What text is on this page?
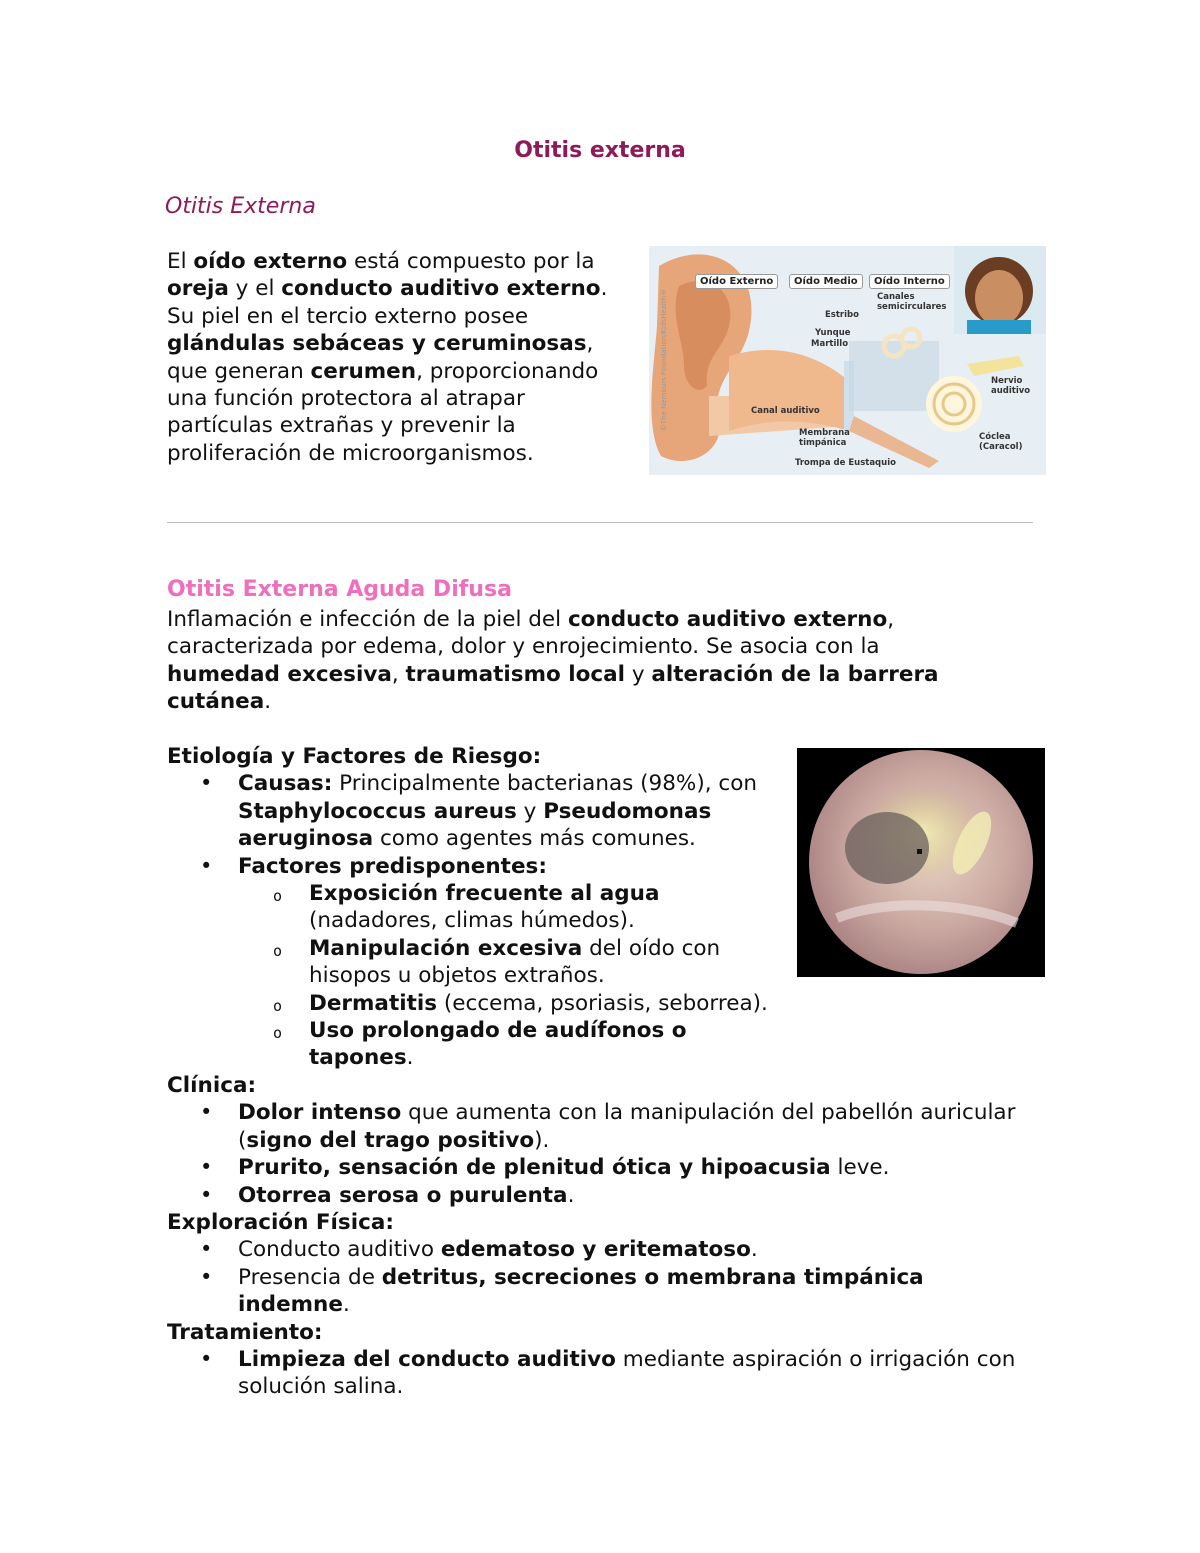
Otitis externa
Otitis Externa

El oído externo está compuesto por la oreja y el conducto auditivo externo. Su piel en el tercio externo posee glándulas sebáceas y ceruminosas, que generan cerumen, proporcionando una función protectora al atrapar partículas extrañas y prevenir la proliferación de microorganismos.

©The Nemours Foundation/KidsHealth®
Oído Externo	Oído Medio	Oído Interno
Canales semicirculares
Estribo
Yunque
Martillo
Nervio auditivo
Canal auditivo
Membrana timpánica
Cóclea (Caracol)
Trompa de Eustaquio
Otitis Externa Aguda Difusa

Inflamación e infección de la piel del conducto auditivo externo, caracterizada por edema, dolor y enrojecimiento. Se asocia con la humedad excesiva, traumatismo local y alteración de la barrera cutánea.

Etiología y Factores de Riesgo:

• Causas: Principalmente bacterianas (98%), con Staphylococcus aureus y Pseudomonas aeruginosa como agentes más comunes.
• Factores predisponentes:
o Exposición frecuente al agua (nadadores, climas húmedos).
o Manipulación excesiva del oído con hisopos u objetos extraños.
o Dermatitis (eccema, psoriasis, seborrea).
o Uso prolongado de audífonos o tapones.

Clínica:

• Dolor intenso que aumenta con la manipulación del pabellón auricular (signo del trago positivo).
• Prurito, sensación de plenitud ótica y hipoacusia leve.
• Otorrea serosa o purulenta.

Exploración Física:

• Conducto auditivo edematoso y eritematoso.
• Presencia de detritus, secreciones o membrana timpánica indemne.

Tratamiento:

• Limpieza del conducto auditivo mediante aspiración o irrigación con solución salina.
